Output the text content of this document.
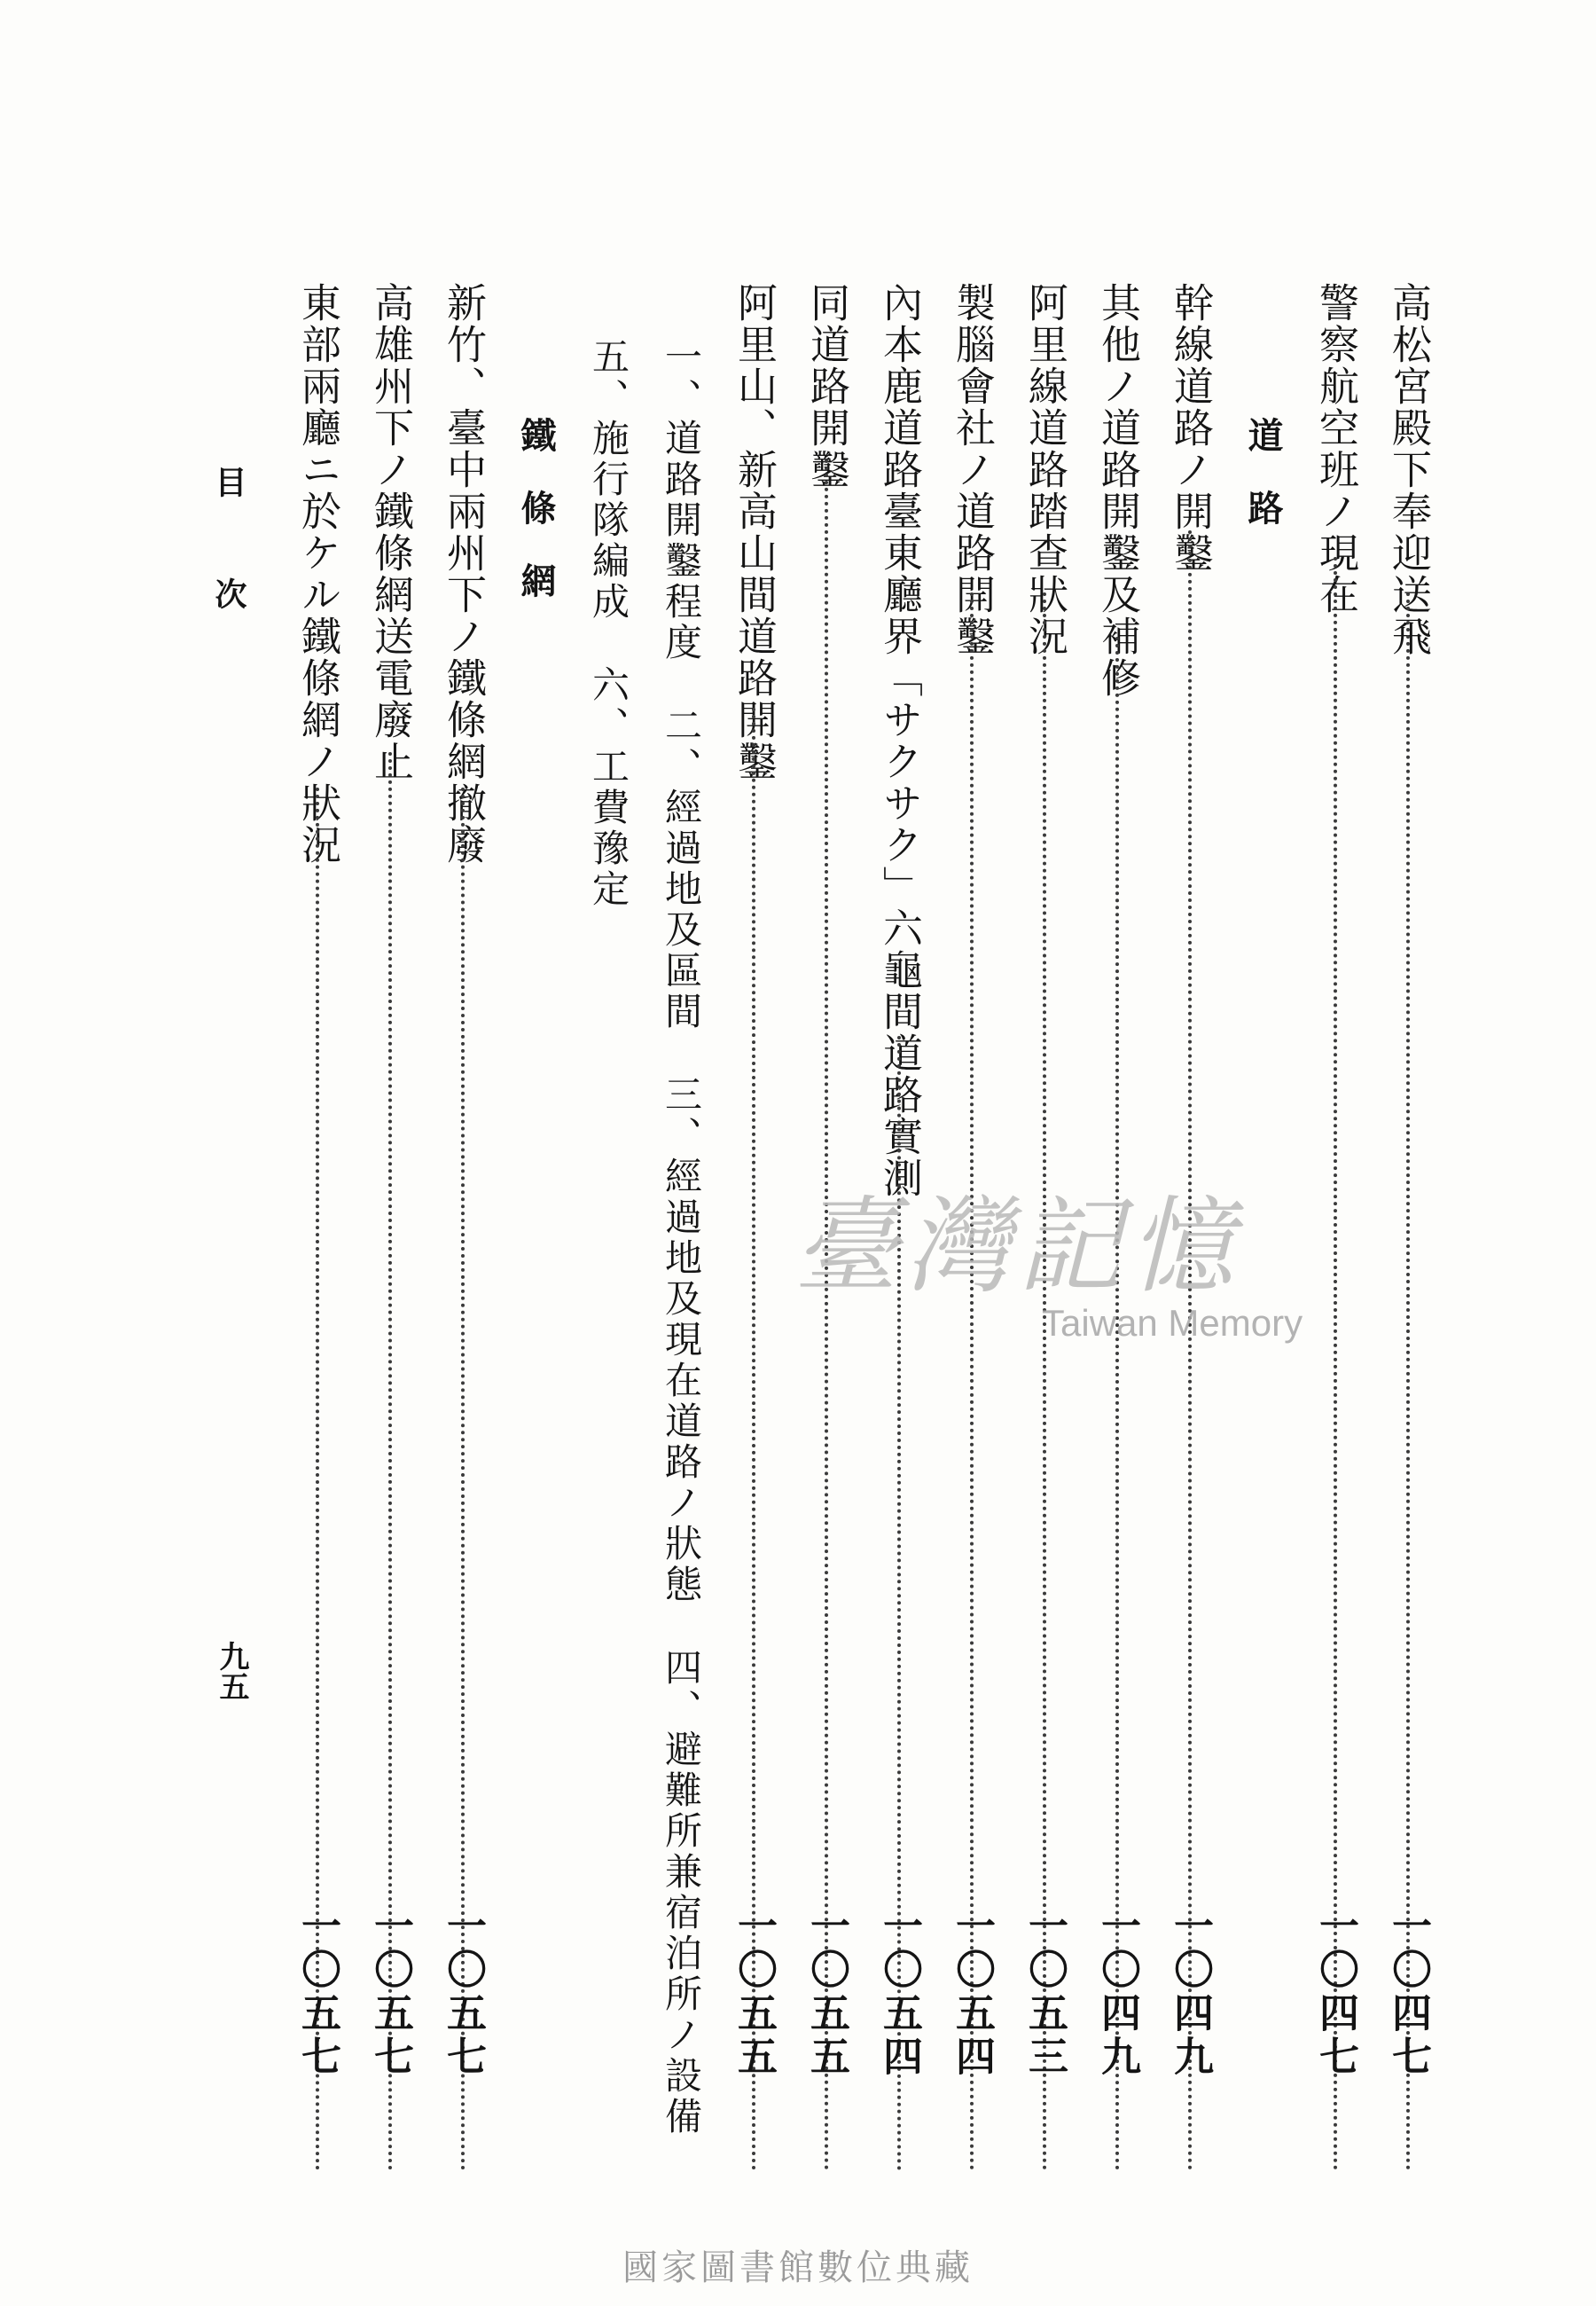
高松宮殿下奉迎送飛
一〇四七
警察航空班ノ現在
一〇四七
道路
幹線道路ノ開鑿
一〇四九
其他ノ道路開鑿及補修
一〇四九
阿里線道路踏查狀況
一〇五三
製腦會社ノ道路開鑿
一〇五四
內本鹿道路臺東廳界「サクサク」六龜間道路實測
一〇五四
同道路開鑿
一〇五五
阿里山、新高山間道路開鑿
一〇五五
一、道路開鑿程度二、經過地及區間三、經過地及現在道路ノ狀態四、避難所兼宿泊所ノ設備
五、施行隊編成六、工費豫定
鐵條網
新竹、臺中兩州下ノ鐵條網撤廢
一〇五七
高雄州下ノ鐵條網送電廢止
一〇五七
東部兩廳ニ於ケル鐵條網ノ狀況
一〇五七
目次
九五
臺灣記憶
Taiwan Memory
國家圖書館數位典藏
